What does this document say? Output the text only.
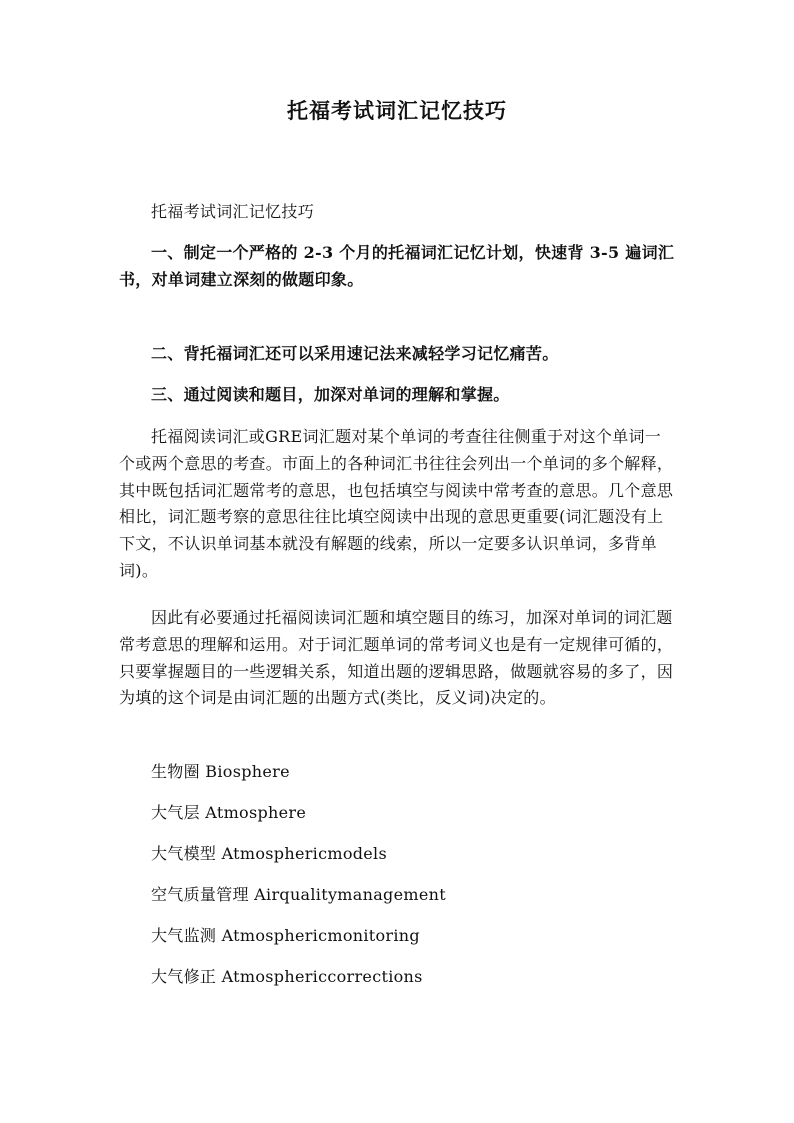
托福考试词汇记忆技巧

托福考试词汇记忆技巧

一、制定一个严格的 2-3 个月的托福词汇记忆计划，快速背 3-5 遍词汇书，对单词建立深刻的做题印象。

二、背托福词汇还可以采用速记法来减轻学习记忆痛苦。

三、通过阅读和题目，加深对单词的理解和掌握。

托福阅读词汇或GRE词汇题对某个单词的考查往往侧重于对这个单词一个或两个意思的考查。市面上的各种词汇书往往会列出一个单词的多个解释，其中既包括词汇题常考的意思，也包括填空与阅读中常考查的意思。几个意思相比，词汇题考察的意思往往比填空阅读中出现的意思更重要(词汇题没有上下文，不认识单词基本就没有解题的线索，所以一定要多认识单词，多背单词)。

因此有必要通过托福阅读词汇题和填空题目的练习，加深对单词的词汇题常考意思的理解和运用。对于词汇题单词的常考词义也是有一定规律可循的，只要掌握题目的一些逻辑关系，知道出题的逻辑思路，做题就容易的多了，因为填的这个词是由词汇题的出题方式(类比，反义词)决定的。

生物圈 Biosphere

大气层 Atmosphere

大气模型 Atmosphericmodels

空气质量管理 Airqualitymanagement

大气监测 Atmosphericmonitoring

大气修正 Atmosphericcorrections
